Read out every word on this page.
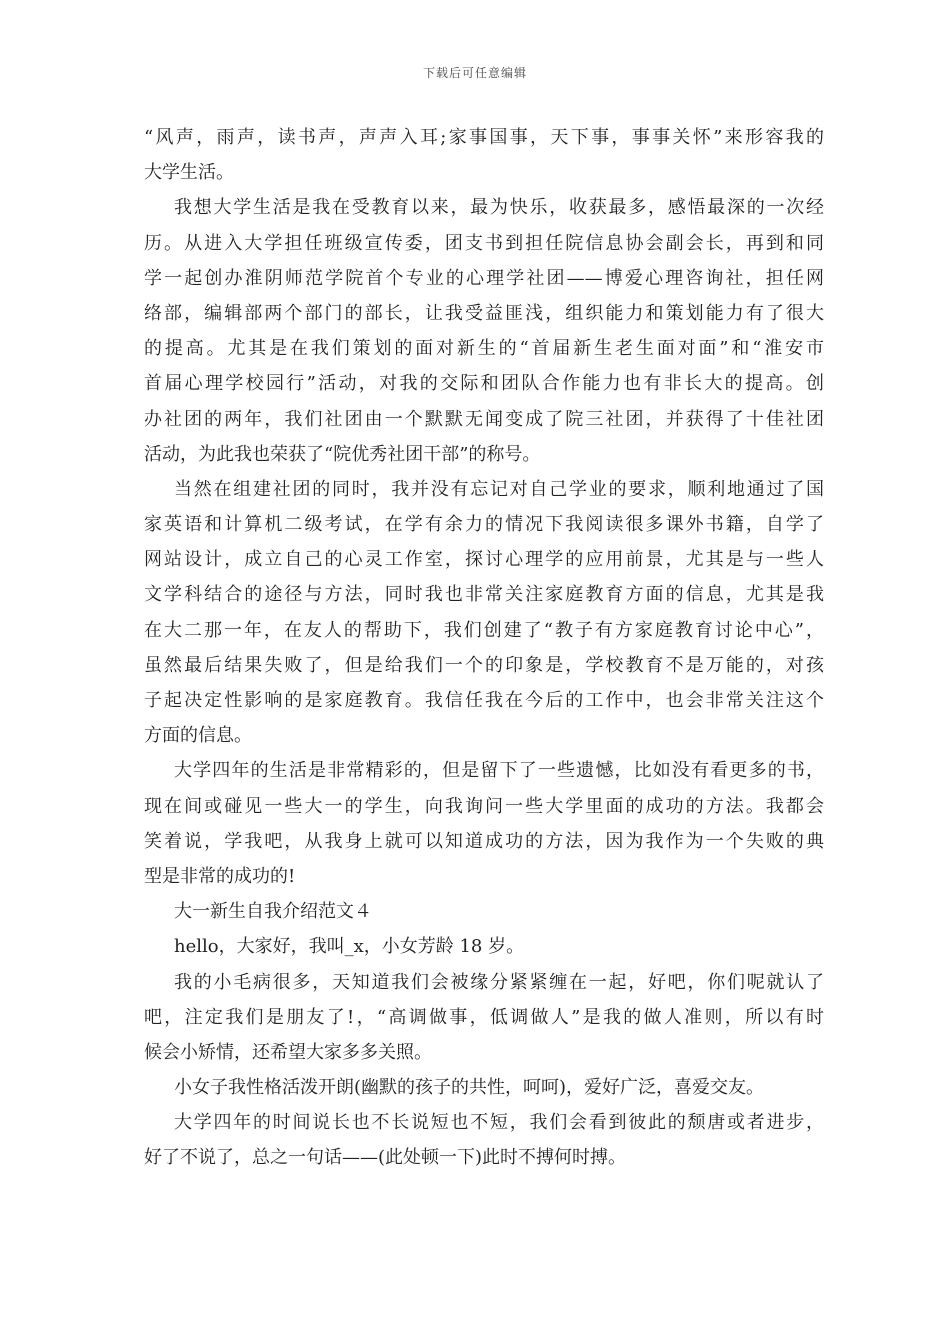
下载后可任意编辑
“风声，雨声，读书声，声声入耳;家事国事，天下事，事事关怀”来形容我的
大学生活。
我想大学生活是我在受教育以来，最为快乐，收获最多，感悟最深的一次经
历。从进入大学担任班级宣传委，团支书到担任院信息协会副会长，再到和同
学一起创办淮阴师范学院首个专业的心理学社团——博爱心理咨询社，担任网
络部，编辑部两个部门的部长，让我受益匪浅，组织能力和策划能力有了很大
的提高。尤其是在我们策划的面对新生的“首届新生老生面对面”和“淮安市
首届心理学校园行”活动，对我的交际和团队合作能力也有非长大的提高。创
办社团的两年，我们社团由一个默默无闻变成了院三社团，并获得了十佳社团
活动，为此我也荣获了“院优秀社团干部”的称号。
当然在组建社团的同时，我并没有忘记对自己学业的要求，顺利地通过了国
家英语和计算机二级考试，在学有余力的情况下我阅读很多课外书籍，自学了
网站设计，成立自己的心灵工作室，探讨心理学的应用前景，尤其是与一些人
文学科结合的途径与方法，同时我也非常关注家庭教育方面的信息，尤其是我
在大二那一年，在友人的帮助下，我们创建了“教子有方家庭教育讨论中心”，
虽然最后结果失败了，但是给我们一个的印象是，学校教育不是万能的，对孩
子起决定性影响的是家庭教育。我信任我在今后的工作中，也会非常关注这个
方面的信息。
大学四年的生活是非常精彩的，但是留下了一些遗憾，比如没有看更多的书，
现在间或碰见一些大一的学生，向我询问一些大学里面的成功的方法。我都会
笑着说，学我吧，从我身上就可以知道成功的方法，因为我作为一个失败的典
型是非常的成功的!
大一新生自我介绍范文４
hello，大家好，我叫_x，小女芳龄 18 岁。
我的小毛病很多，天知道我们会被缘分紧紧缠在一起，好吧，你们呢就认了
吧，注定我们是朋友了!，“高调做事，低调做人”是我的做人准则，所以有时
候会小矫情，还希望大家多多关照。
小女子我性格活泼开朗(幽默的孩子的共性，呵呵)，爱好广泛，喜爱交友。
大学四年的时间说长也不长说短也不短，我们会看到彼此的颓唐或者进步，
好了不说了，总之一句话——(此处顿一下)此时不搏何时搏。
